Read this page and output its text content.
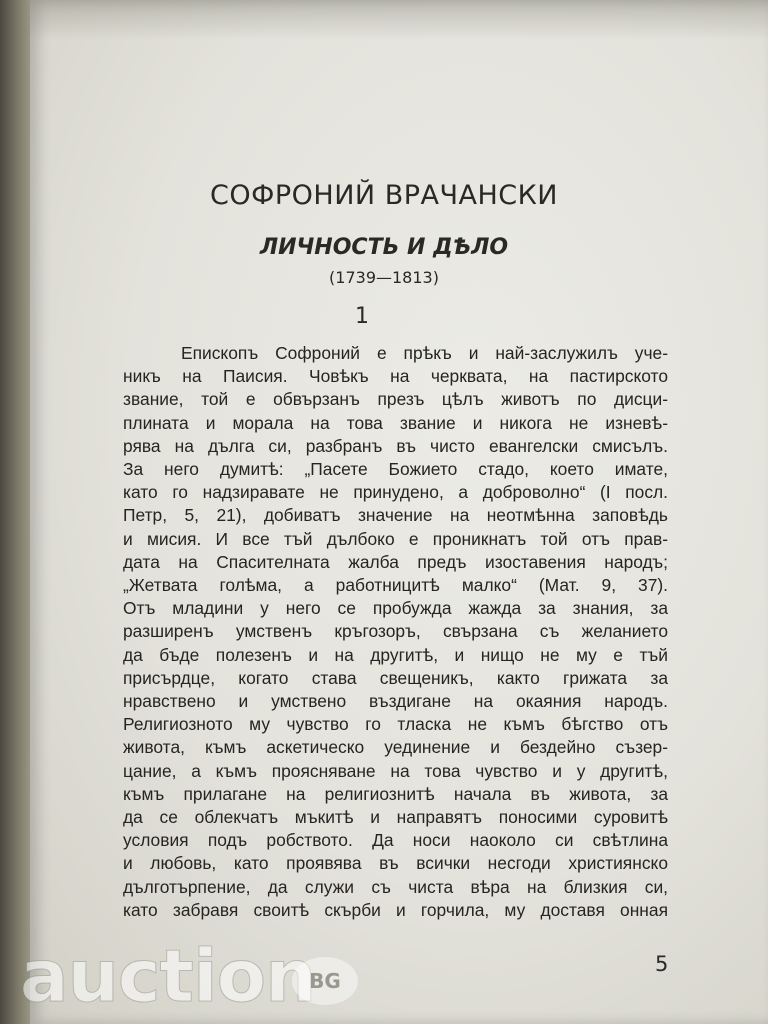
СОФРОНИЙ ВРАЧАНСКИ
ЛИЧНОСТЬ И ДѢЛО
(1739—1813)
1
Епископъ Софроний е прѣкъ и най-заслужилъ уче-
никъ на Паисия. Човѣкъ на черквата, на пастирското
звание, той е обвързанъ презъ цѣлъ животъ по дисци-
плината и морала на това звание и никога не изневѣ-
рява на дълга си, разбранъ въ чисто евангелски смисълъ.
За него думитѣ: „Пасете Божието стадо, което имате,
като го надзиравате не принудено, а доброволно“ (I посл.
Петр, 5, 21), добиватъ значение на неотмѣнна заповѣдь
и мисия. И все тъй дълбоко е проникнатъ той отъ прав-
дата на Спасителната жалба предъ изоставения народъ;
„Жетвата голѣма, а работницитѣ малко“ (Мат. 9, 37).
Отъ младини у него се пробужда жажда за знания, за
разширенъ умственъ кръгозоръ, свързана съ желанието
да бъде полезенъ и на другитѣ, и нищо не му е тъй
присърдце, когато става свещеникъ, както грижата за
нравствено и умствено въздигане на окаяния народъ.
Религиозното му чувство го тласка не къмъ бѣгство отъ
живота, къмъ аскетическо уединение и бездейно съзер-
цание, а къмъ проясняване на това чувство и у другитѣ,
къмъ прилагане на религиознитѣ начала въ живота, за
да се облекчатъ мъкитѣ и направятъ поносими суровитѣ
условия подъ робството. Да носи наоколо си свѣтлина
и любовь, като проявява въ всички несгоди християнско
дълготърпение, да служи съ чиста вѣра на близкия си,
като забравя своитѣ скърби и горчила, му доставя онная
5
auction
BG
